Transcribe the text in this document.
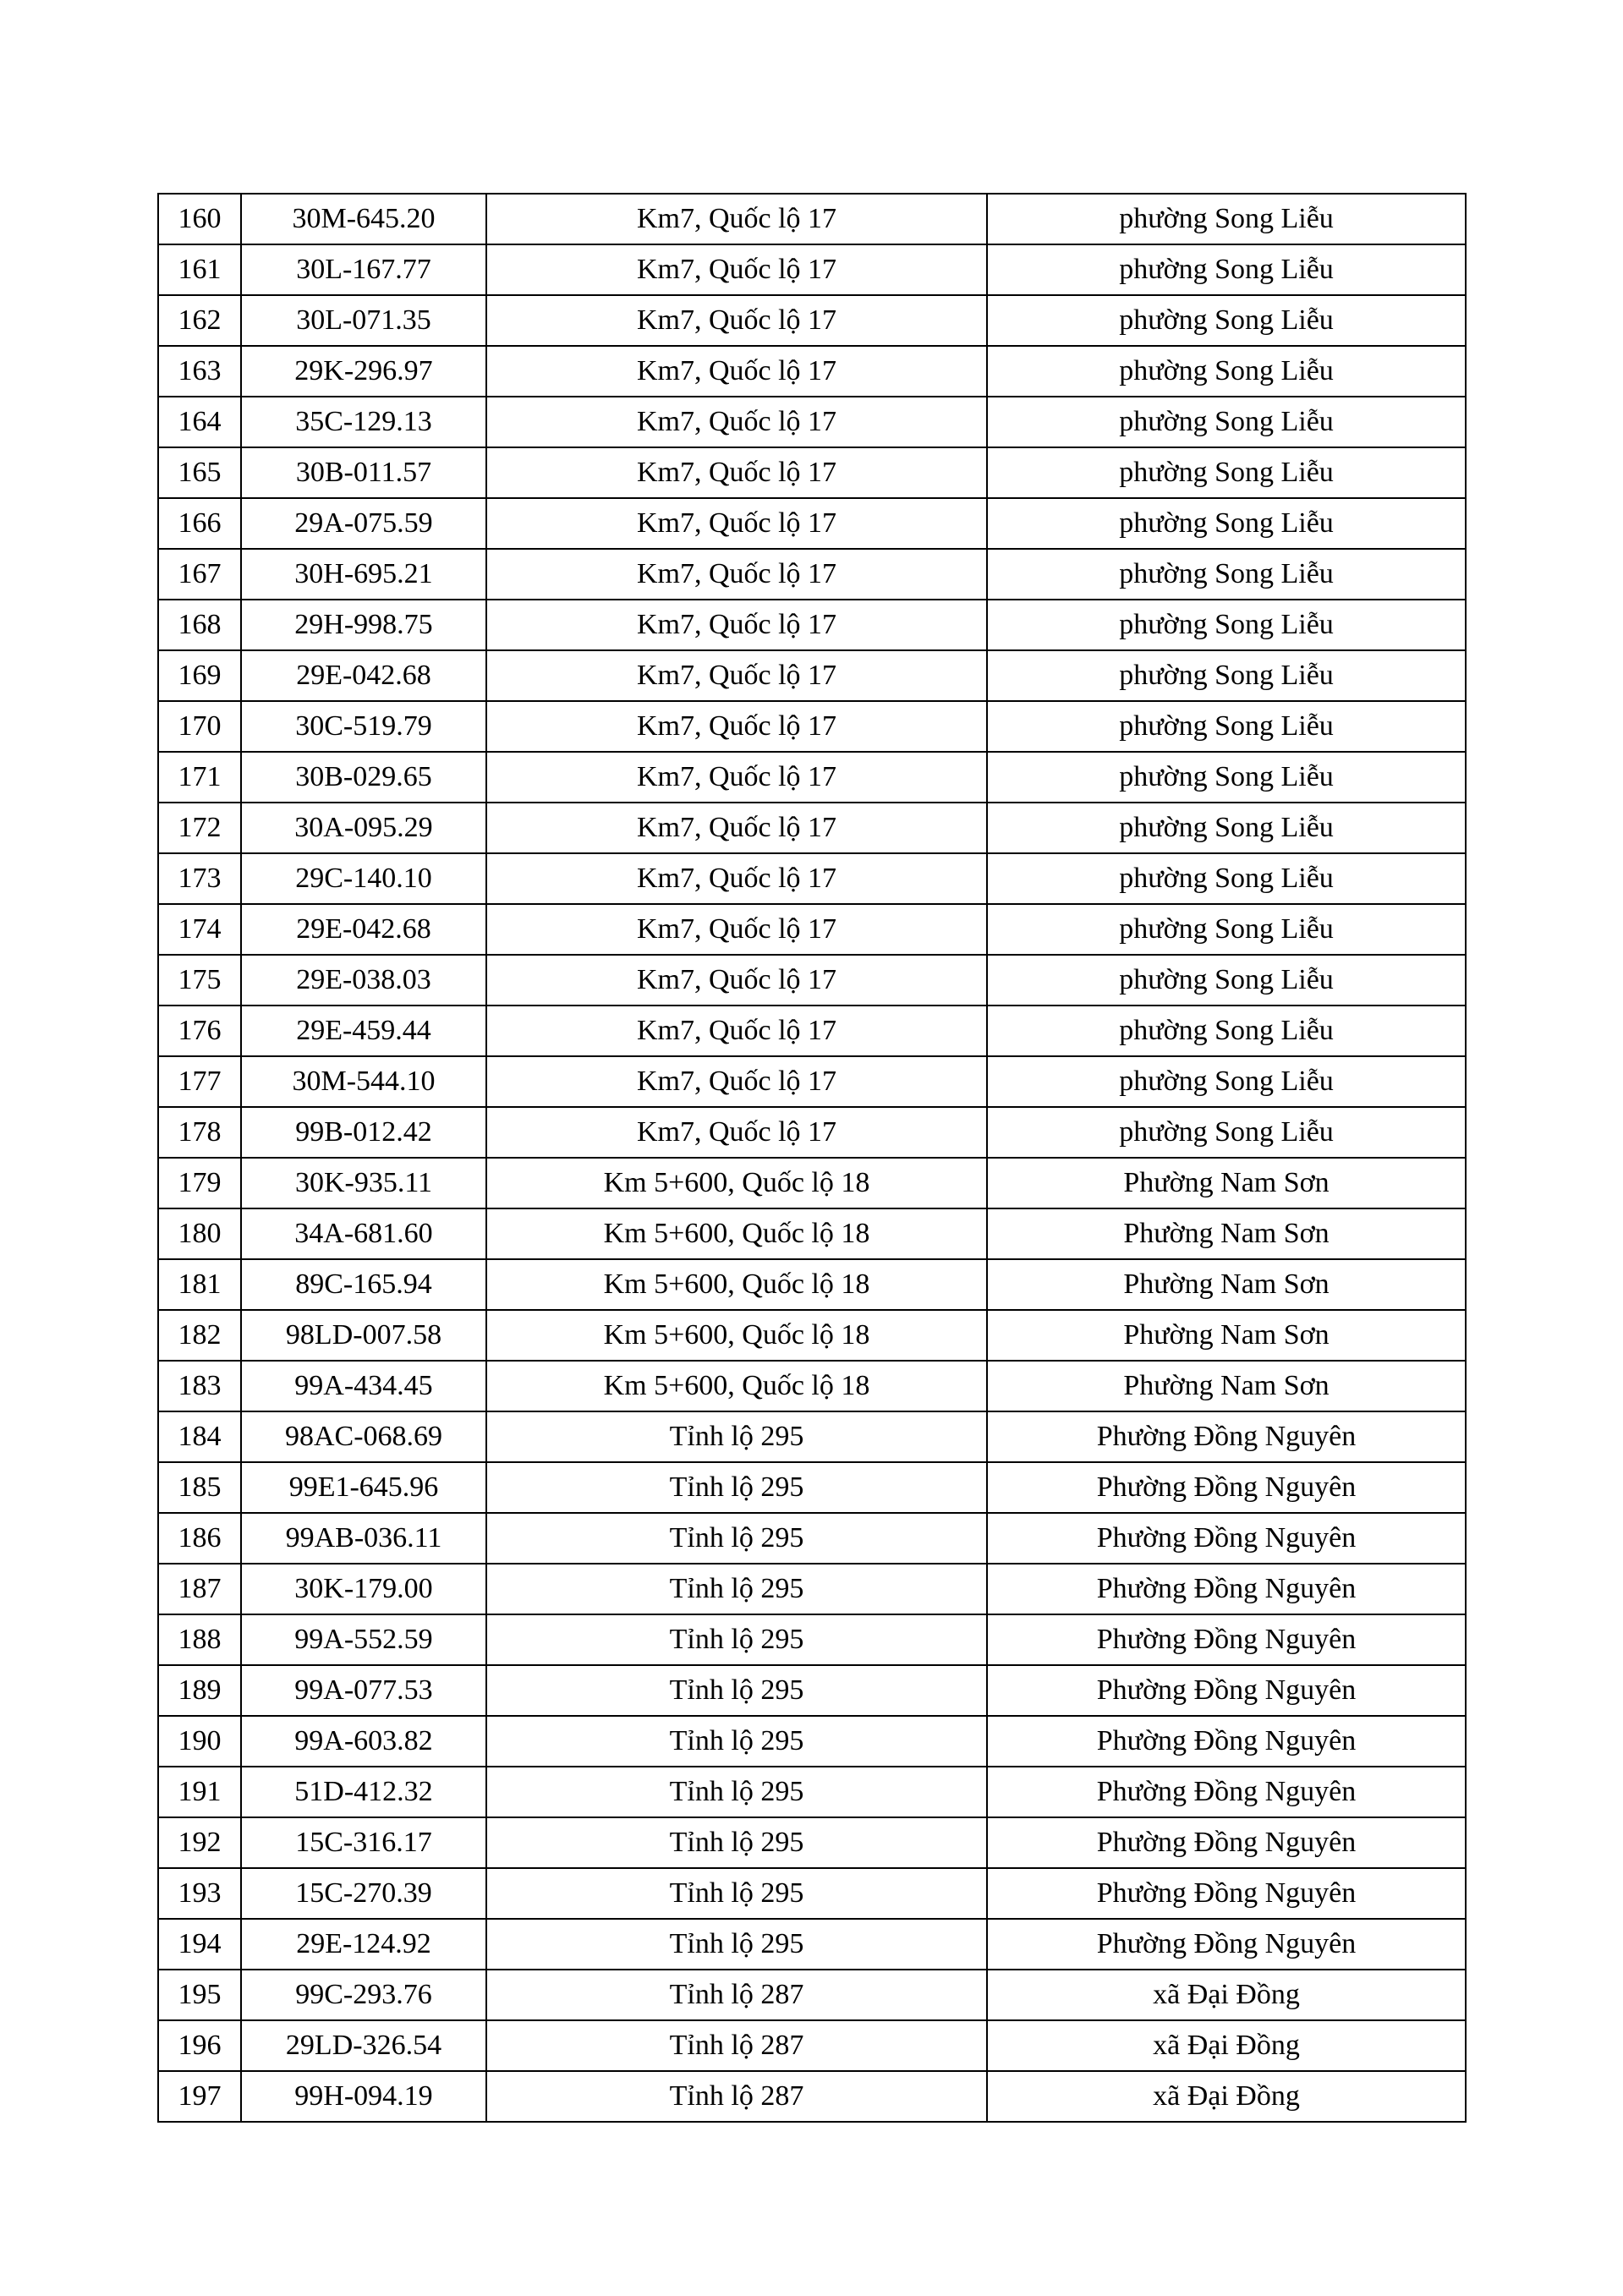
160	30M-645.20	Km7, Quốc lộ 17	phường Song Liễu
161	30L-167.77	Km7, Quốc lộ 17	phường Song Liễu
162	30L-071.35	Km7, Quốc lộ 17	phường Song Liễu
163	29K-296.97	Km7, Quốc lộ 17	phường Song Liễu
164	35C-129.13	Km7, Quốc lộ 17	phường Song Liễu
165	30B-011.57	Km7, Quốc lộ 17	phường Song Liễu
166	29A-075.59	Km7, Quốc lộ 17	phường Song Liễu
167	30H-695.21	Km7, Quốc lộ 17	phường Song Liễu
168	29H-998.75	Km7, Quốc lộ 17	phường Song Liễu
169	29E-042.68	Km7, Quốc lộ 17	phường Song Liễu
170	30C-519.79	Km7, Quốc lộ 17	phường Song Liễu
171	30B-029.65	Km7, Quốc lộ 17	phường Song Liễu
172	30A-095.29	Km7, Quốc lộ 17	phường Song Liễu
173	29C-140.10	Km7, Quốc lộ 17	phường Song Liễu
174	29E-042.68	Km7, Quốc lộ 17	phường Song Liễu
175	29E-038.03	Km7, Quốc lộ 17	phường Song Liễu
176	29E-459.44	Km7, Quốc lộ 17	phường Song Liễu
177	30M-544.10	Km7, Quốc lộ 17	phường Song Liễu
178	99B-012.42	Km7, Quốc lộ 17	phường Song Liễu
179	30K-935.11	Km 5+600, Quốc lộ 18	Phường Nam Sơn
180	34A-681.60	Km 5+600, Quốc lộ 18	Phường Nam Sơn
181	89C-165.94	Km 5+600, Quốc lộ 18	Phường Nam Sơn
182	98LD-007.58	Km 5+600, Quốc lộ 18	Phường Nam Sơn
183	99A-434.45	Km 5+600, Quốc lộ 18	Phường Nam Sơn
184	98AC-068.69	Tỉnh lộ 295	Phường Đồng Nguyên
185	99E1-645.96	Tỉnh lộ 295	Phường Đồng Nguyên
186	99AB-036.11	Tỉnh lộ 295	Phường Đồng Nguyên
187	30K-179.00	Tỉnh lộ 295	Phường Đồng Nguyên
188	99A-552.59	Tỉnh lộ 295	Phường Đồng Nguyên
189	99A-077.53	Tỉnh lộ 295	Phường Đồng Nguyên
190	99A-603.82	Tỉnh lộ 295	Phường Đồng Nguyên
191	51D-412.32	Tỉnh lộ 295	Phường Đồng Nguyên
192	15C-316.17	Tỉnh lộ 295	Phường Đồng Nguyên
193	15C-270.39	Tỉnh lộ 295	Phường Đồng Nguyên
194	29E-124.92	Tỉnh lộ 295	Phường Đồng Nguyên
195	99C-293.76	Tỉnh lộ 287	xã Đại Đồng
196	29LD-326.54	Tỉnh lộ 287	xã Đại Đồng
197	99H-094.19	Tỉnh lộ 287	xã Đại Đồng
